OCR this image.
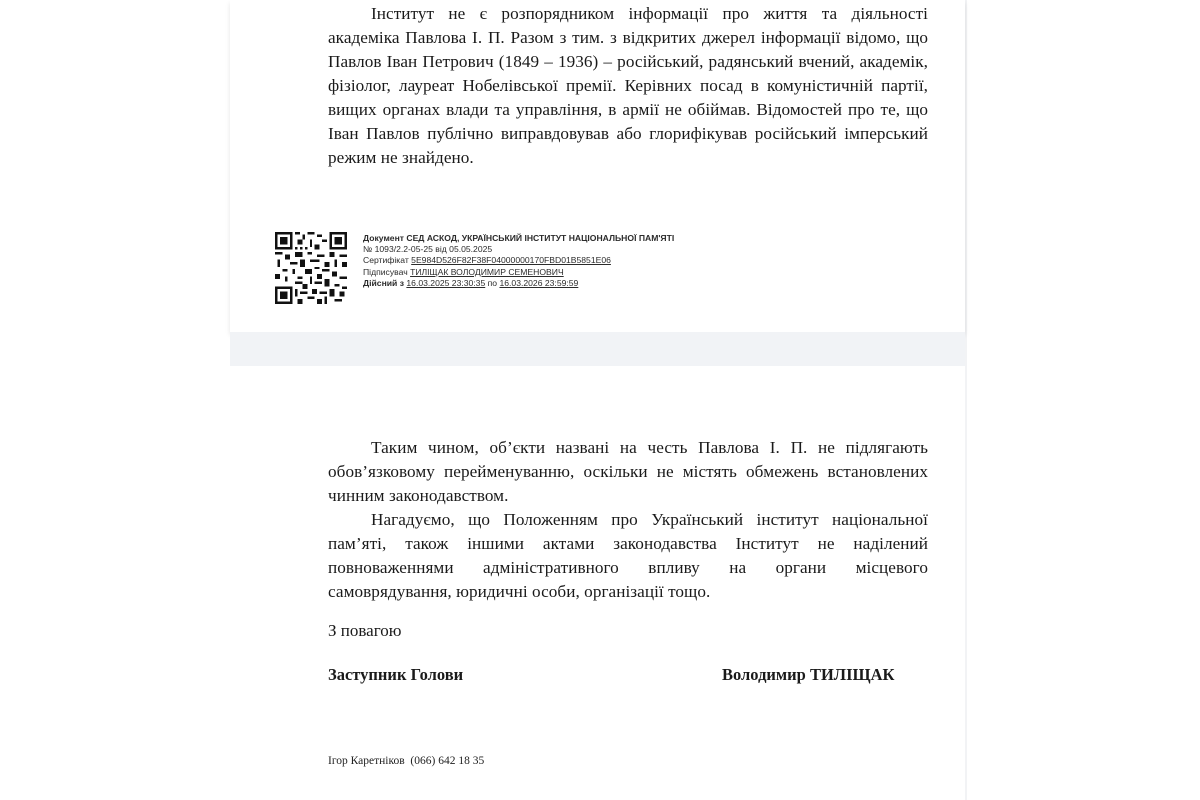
Інститут не є розпорядником інформації про життя та діяльності
академіка Павлова І. П. Разом з тим. з відкритих джерел інформації відомо, що
Павлов Іван Петрович (1849 – 1936) – російський, радянський вчений, академік,
фізіолог, лауреат Нобелівської премії. Керівних посад в комуністичній партії,
вищих органах влади та управління, в армії не обіймав. Відомостей про те, що
Іван Павлов публічно виправдовував або глорифікував російський імперський
режим не знайдено.
Документ СЕД АСКОД, УКРАЇНСЬКИЙ ІНСТИТУТ НАЦІОНАЛЬНОЇ ПАМ'ЯТІ
№ 1093/2.2-05-25 від 05.05.2025
Сертифікат 5E984D526F82F38F04000000170FBD01B5851E06
Підписувач ТИЛІЩАК ВОЛОДИМИР СЕМЕНОВИЧ
Дійсний з 16.03.2025 23:30:35 по 16.03.2026 23:59:59
Таким чином, об’єкти названі на честь Павлова І. П. не підлягають
обов’язковому перейменуванню, оскільки не містять обмежень встановлених
чинним законодавством.
Нагадуємо, що Положенням про Український інститут національної
пам’яті, також іншими актами законодавства Інститут не наділений
повноваженнями адміністративного впливу на органи місцевого
самоврядування, юридичні особи, організації тощо.
З повагою
Заступник Голови	Володимир ТИЛІЩАК
Ігор Каретніков  (066) 642 18 35
